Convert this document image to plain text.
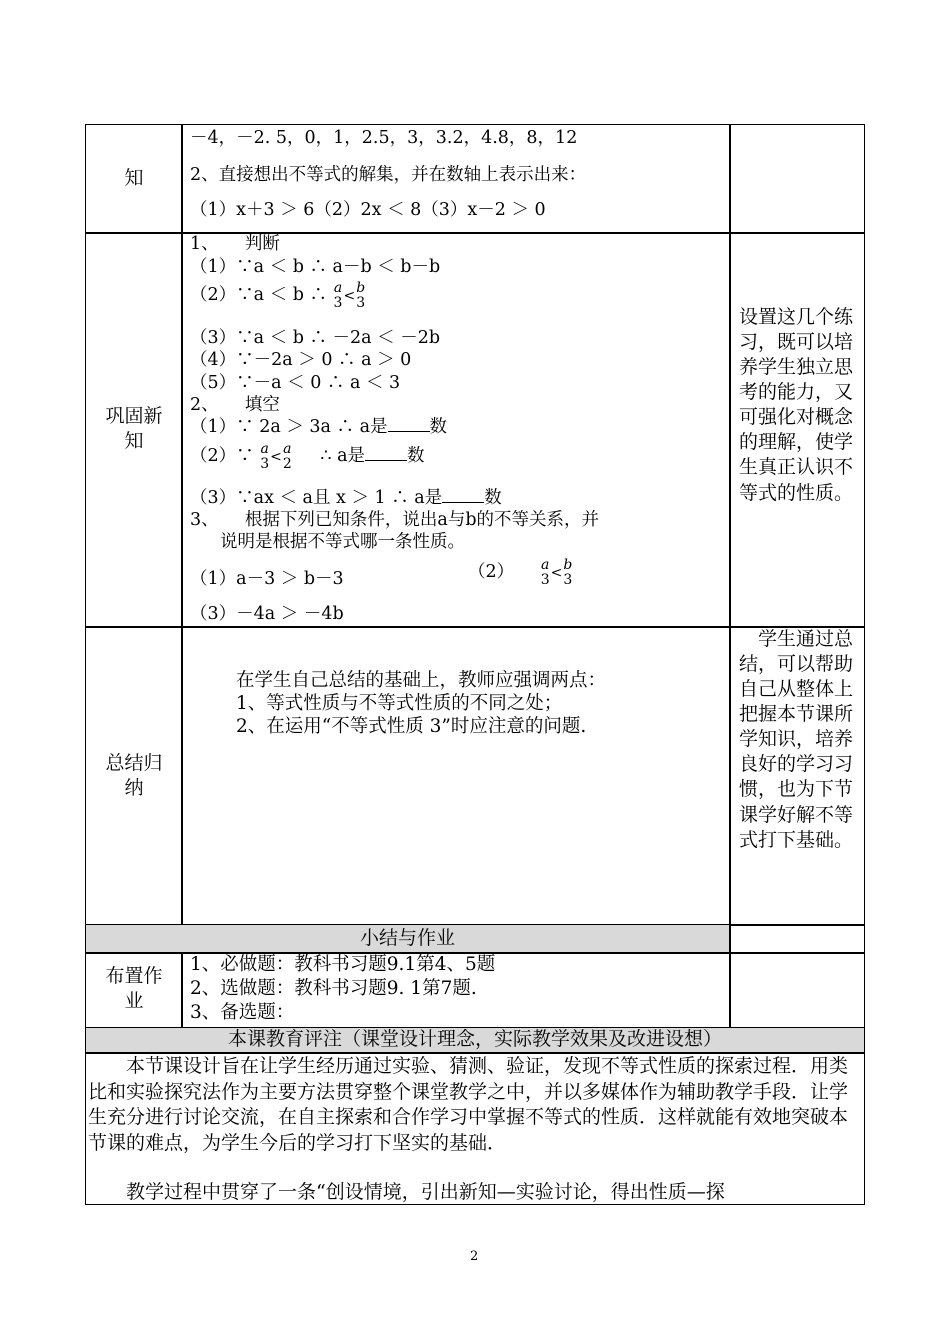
知
－4，－2. 5，0，1，2.5，3，3.2，4.8，8，12
2、直接想出不等式的解集，并在数轴上表示出来：
（1）x＋3 ＞ 6（2）2x ＜ 8（3）x－2 ＞ 0
巩固新
知
1、　　判断
（1）∵a ＜ b ∴ a－b ＜ b－b
（2）∵a ＜ b ∴ a
3 <
b
3
（3）∵a ＜ b ∴ －2a ＜ －2b
（4）∵－2a ＞ 0 ∴ a ＞ 0
（5）∵－a ＜ 0 ∴ a ＜ 3
2、　　填空
（1）∵ 2a ＞ 3a ∴ a是 数
（2）∵ a
3 <
a
2 ∴ a是 数
（3）∵ax ＜ a且 x ＞ 1 ∴ a是 数
3、　　根据下列已知条件，说出a与b的不等关系，并
说明是根据不等式哪一条性质。
（1）a－3 ＞ b－3	（2） a
3 <
b
3
（3）－4a ＞ －4b
设置这几个练习，既可以培养学生独立思考的能力，又可强化对概念的理解，使学生真正认识不等式的性质。
总结归
纳
在学生自己总结的基础上，教师应强调两点：
1、等式性质与不等式性质的不同之处；
2、在运用“不等式性质 3”时应注意的问题.
　学生通过总结，可以帮助自己从整体上把握本节课所学知识，培养良好的学习习惯，也为下节课学好解不等式打下基础。
小结与作业
布置作
业
1、必做题：教科书习题9.1第4、5题
2、选做题：教科书习题9. 1第7题.
3、备选题：
本课教育评注（课堂设计理念，实际教学效果及改进设想）
本节课设计旨在让学生经历通过实验、猜测、验证，发现不等式性质的探索过程．用类比和实验探究法作为主要方法贯穿整个课堂教学之中，并以多媒体作为辅助教学手段．让学生充分进行讨论交流，在自主探索和合作学习中掌握不等式的性质．这样就能有效地突破本节课的难点，为学生今后的学习打下坚实的基础．
教学过程中贯穿了一条“创设情境，引出新知—实验讨论，得出性质—探
2
